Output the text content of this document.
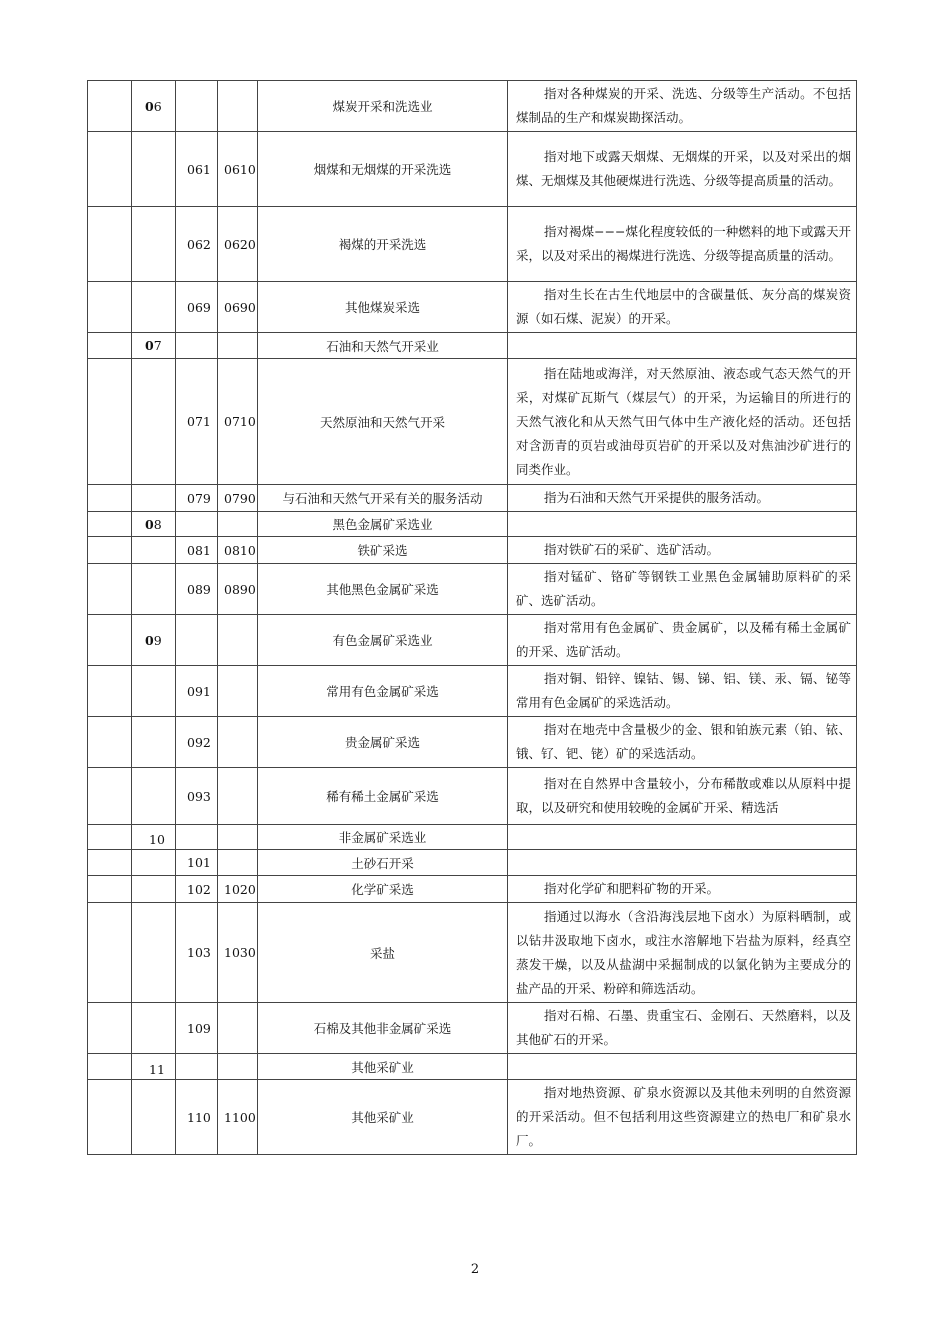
	06			煤炭开采和洗选业	指对各种煤炭的开采、洗选、分级等生产活动。不包括煤制品的生产和煤炭勘探活动。

		061	0610	烟煤和无烟煤的开采洗选	指对地下或露天烟煤、无烟煤的开采，以及对采出的烟煤、无烟煤及其他硬煤进行洗选、分级等提高质量的活动。

		062	0620	褐煤的开采洗选	指对褐煤−−−煤化程度较低的一种燃料的地下或露天开采，以及对采出的褐煤进行洗选、分级等提高质量的活动。

		069	0690	其他煤炭采选	指对生长在古生代地层中的含碳量低、灰分高的煤炭资源（如石煤、泥炭）的开采。

	07			石油和天然气开采业	

		071	0710	天然原油和天然气开采	指在陆地或海洋，对天然原油、液态或气态天然气的开采，对煤矿瓦斯气（煤层气）的开采，为运输目的所进行的天然气液化和从天然气田气体中生产液化烃的活动。还包括对含沥青的页岩或油母页岩矿的开采以及对焦油沙矿进行的同类作业。

		079	0790	与石油和天然气开采有关的服务活动	指为石油和天然气开采提供的服务活动。

	08			黑色金属矿采选业	

		081	0810	铁矿采选	指对铁矿石的采矿、选矿活动。

		089	0890	其他黑色金属矿采选	指对锰矿、铬矿等钢铁工业黑色金属辅助原料矿的采矿、选矿活动。

	09			有色金属矿采选业	指对常用有色金属矿、贵金属矿，以及稀有稀土金属矿的开采、选矿活动。

		091		常用有色金属矿采选	指对铜、铅锌、镍钴、锡、锑、铝、镁、汞、镉、铋等常用有色金属矿的采选活动。

		092		贵金属矿采选	指对在地壳中含量极少的金、银和铂族元素（铂、铱、锇、钌、钯、铑）矿的采选活动。

		093		稀有稀土金属矿采选	指对在自然界中含量较小，分布稀散或难以从原料中提取，以及研究和使用较晚的金属矿开采、精选活

	10			非金属矿采选业	

		101		土砂石开采	

		102	1020	化学矿采选	指对化学矿和肥料矿物的开采。

		103	1030	采盐	指通过以海水（含沿海浅层地下卤水）为原料晒制，或以钻井汲取地下卤水，或注水溶解地下岩盐为原料，经真空蒸发干燥，以及从盐湖中采掘制成的以氯化钠为主要成分的盐产品的开采、粉碎和筛选活动。

		109		石棉及其他非金属矿采选	指对石棉、石墨、贵重宝石、金刚石、天然磨料，以及其他矿石的开采。

	11			其他采矿业	

		110	1100	其他采矿业	指对地热资源、矿泉水资源以及其他未列明的自然资源的开采活动。但不包括利用这些资源建立的热电厂和矿泉水厂。
2
